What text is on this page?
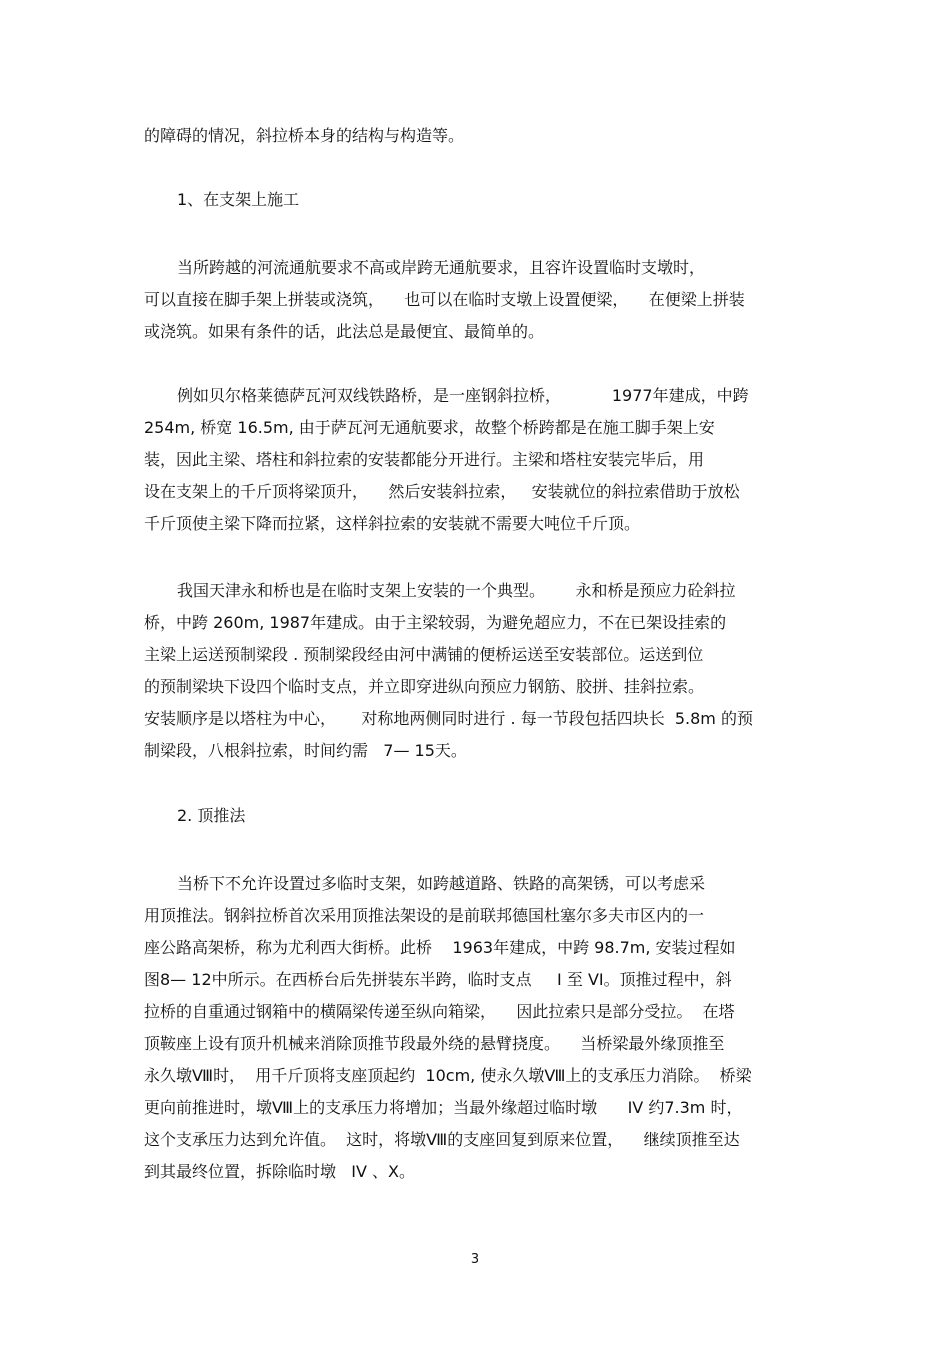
的障碍的情况，斜拉桥本身的结构与构造等。
1、在支架上施工
当所跨越的河流通航要求不高或岸跨无通航要求，且容许设置临时支墩时，
可以直接在脚手架上拼装或浇筑，    也可以在临时支墩上设置便梁，    在便梁上拼装
或浇筑。如果有条件的话，此法总是最便宜、最简单的。
例如贝尔格莱德萨瓦河双线铁路桥，是一座钢斜拉桥，          1977年建成，中跨
254m, 桥宽 16.5m, 由于萨瓦河无通航要求，故整个桥跨都是在施工脚手架上安
装，因此主梁、塔柱和斜拉索的安装都能分开进行。主梁和塔柱安装完毕后，用
设在支架上的千斤顶将梁顶升，    然后安装斜拉索，   安装就位的斜拉索借助于放松
千斤顶使主梁下降而拉紧，这样斜拉索的安装就不需要大吨位千斤顶。
我国天津永和桥也是在临时支架上安装的一个典型。      永和桥是预应力砼斜拉
桥，中跨 260m, 1987年建成。由于主梁较弱，为避免超应力，不在已架设挂索的
主梁上运送预制梁段 . 预制梁段经由河中满铺的便桥运送至安装部位。运送到位
的预制梁块下设四个临时支点，并立即穿进纵向预应力钢筋、胶拼、挂斜拉索。
安装顺序是以塔柱为中心，     对称地两侧同时进行 . 每一节段包括四块长  5.8m 的预
制梁段，八根斜拉索，时间约需   7— 15天。
2. 顶推法
当桥下不允许设置过多临时支架，如跨越道路、铁路的高架锈，可以考虑采
用顶推法。钢斜拉桥首次采用顶推法架设的是前联邦德国杜塞尔多夫市区内的一
座公路高架桥，称为尤利西大街桥。此桥    1963年建成，中跨 98.7m, 安装过程如
图8— 12中所示。在西桥台后先拼装东半跨，临时支点     I 至 VI。顶推过程中，斜
拉桥的自重通过钢箱中的横隔梁传递至纵向箱梁，    因此拉索只是部分受拉。  在塔
顶鞍座上设有顶升机械来消除顶推节段最外绕的悬臂挠度。    当桥梁最外缘顶推至
永久墩Ⅷ时，  用千斤顶将支座顶起约  10cm, 使永久墩Ⅷ上的支承压力消除。  桥梁
更向前推进时，墩Ⅷ上的支承压力将增加；当最外缘超过临时墩      IV 约7.3m 时，
这个支承压力达到允许值。  这时，将墩Ⅷ的支座回复到原来位置，    继续顶推至达
到其最终位置，拆除临时墩   IV 、X。
3
